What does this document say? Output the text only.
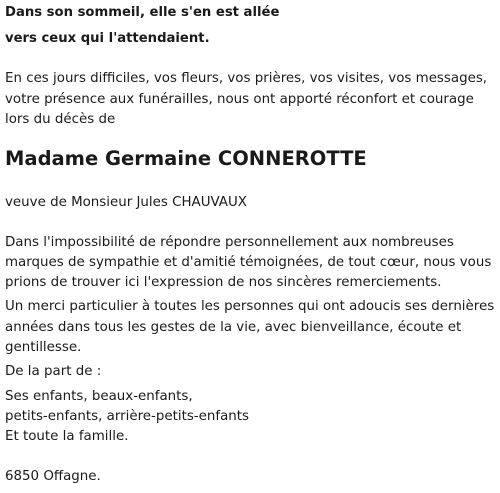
Dans son sommeil, elle s'en est allée

vers ceux qui l'attendaient.

En ces jours difficiles, vos fleurs, vos prières, vos visites, vos messages,

votre présence aux funérailles, nous ont apporté réconfort et courage

lors du décès de

Madame Germaine CONNEROTTE

veuve de Monsieur Jules CHAUVAUX

Dans l'impossibilité de répondre personnellement aux nombreuses

marques de sympathie et d'amitié témoignées, de tout cœur, nous vous

prions de trouver ici l'expression de nos sincères remerciements.

Un merci particulier à toutes les personnes qui ont adoucis ses dernières

années dans tous les gestes de la vie, avec bienveillance, écoute et

gentillesse.

De la part de :

Ses enfants, beaux-enfants,

petits-enfants, arrière-petits-enfants

Et toute la famille.

6850 Offagne.
